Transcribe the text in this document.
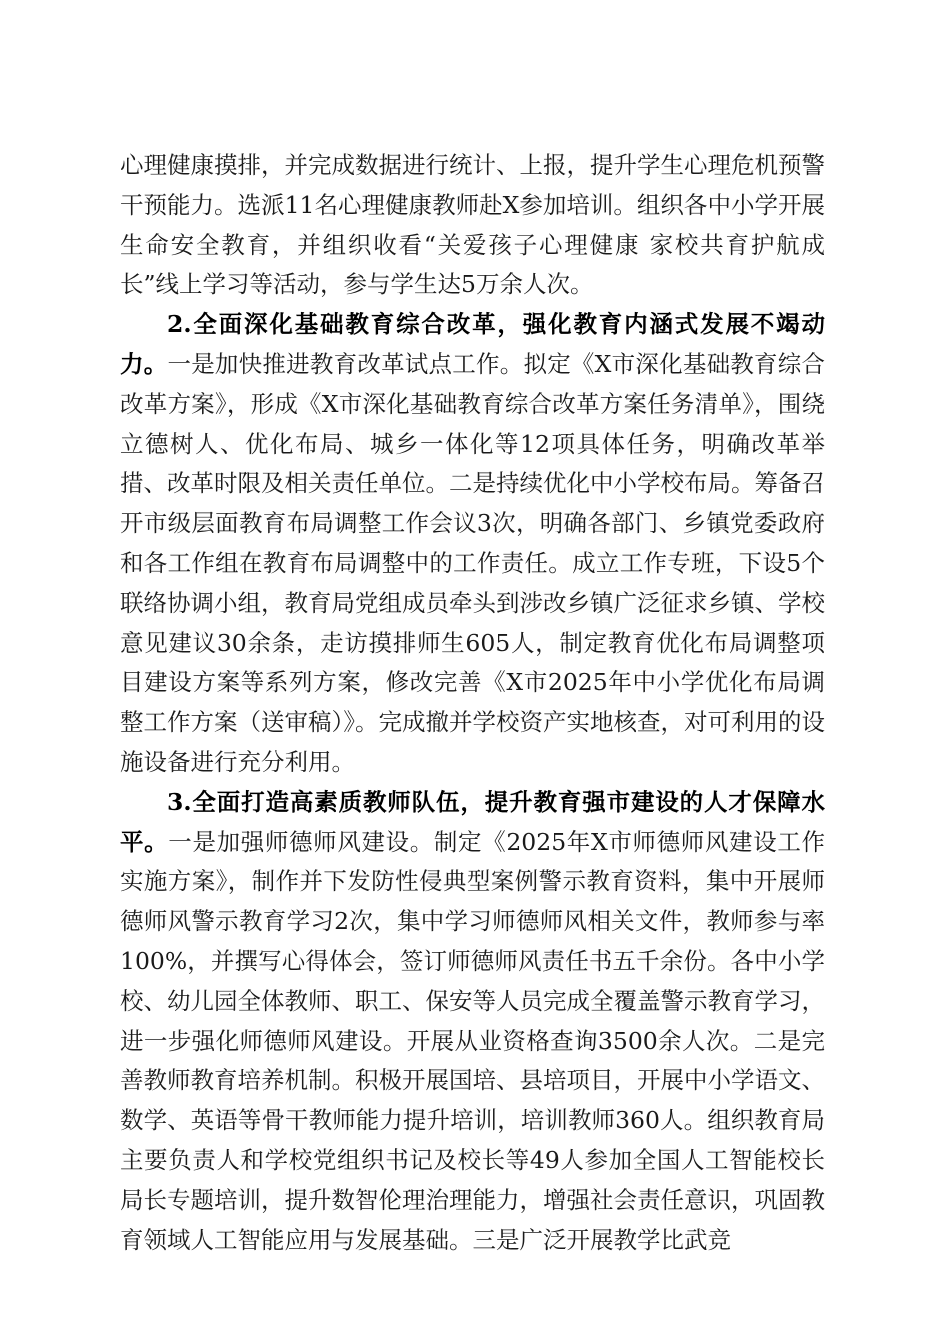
心理健康摸排，并完成数据进行统计、上报，提升学生心理危机预警干预能力。选派11名心理健康教师赴X参加培训。组织各中小学开展生命安全教育，并组织收看“关爱孩子心理健康 家校共育护航成长”线上学习等活动，参与学生达5万余人次。

2.全面深化基础教育综合改革，强化教育内涵式发展不竭动力。一是加快推进教育改革试点工作。拟定《X市深化基础教育综合改革方案》，形成《X市深化基础教育综合改革方案任务清单》，围绕立德树人、优化布局、城乡一体化等12项具体任务，明确改革举措、改革时限及相关责任单位。二是持续优化中小学校布局。筹备召开市级层面教育布局调整工作会议3次，明确各部门、乡镇党委政府和各工作组在教育布局调整中的工作责任。成立工作专班，下设5个联络协调小组，教育局党组成员牵头到涉改乡镇广泛征求乡镇、学校意见建议30余条，走访摸排师生605人，制定教育优化布局调整项目建设方案等系列方案，修改完善《X市2025年中小学优化布局调整工作方案（送审稿）》。完成撤并学校资产实地核查，对可利用的设施设备进行充分利用。

3.全面打造高素质教师队伍，提升教育强市建设的人才保障水平。一是加强师德师风建设。制定《2025年X市师德师风建设工作实施方案》，制作并下发防性侵典型案例警示教育资料，集中开展师德师风警示教育学习2次，集中学习师德师风相关文件，教师参与率100%，并撰写心得体会，签订师德师风责任书五千余份。各中小学校、幼儿园全体教师、职工、保安等人员完成全覆盖警示教育学习，进一步强化师德师风建设。开展从业资格查询3500余人次。二是完善教师教育培养机制。积极开展国培、县培项目，开展中小学语文、数学、英语等骨干教师能力提升培训，培训教师360人。组织教育局主要负责人和学校党组织书记及校长等49人参加全国人工智能校长局长专题培训，提升数智伦理治理能力，增强社会责任意识，巩固教育领域人工智能应用与发展基础。三是广泛开展教学比武竞
